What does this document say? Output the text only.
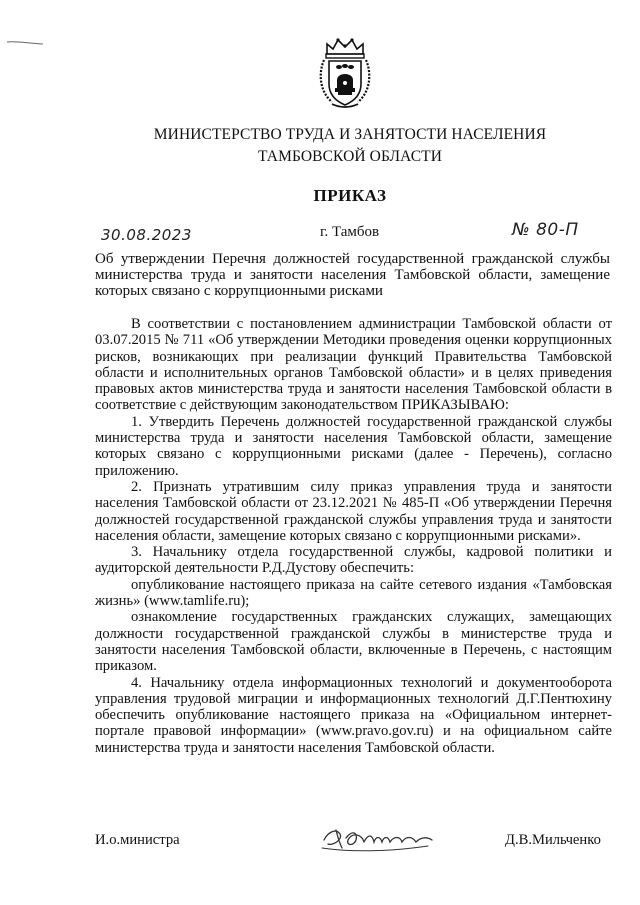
МИНИСТЕРСТВО ТРУДА И ЗАНЯТОСТИ НАСЕЛЕНИЯ
ТАМБОВСКОЙ ОБЛАСТИ
ПРИКАЗ
30.08.2023	г. Тамбов	№ 80-П
Об утверждении Перечня должностей государственной гражданской службы министерства труда и занятости населения Тамбовской области, замещение которых связано с коррупционными рисками

В соответствии с постановлением администрации Тамбовской области от 03.07.2015 № 711 «Об утверждении Методики проведения оценки коррупционных рисков, возникающих при реализации функций Правительства Тамбовской области и исполнительных органов Тамбовской области» и в целях приведения правовых актов министерства труда и занятости населения Тамбовской области в соответствие с действующим законодательством ПРИКАЗЫВАЮ:

1. Утвердить Перечень должностей государственной гражданской службы министерства труда и занятости населения Тамбовской области, замещение которых связано с коррупционными рисками (далее - Перечень), согласно приложению.

2. Признать утратившим силу приказ управления труда и занятости населения Тамбовской области от 23.12.2021 № 485-П «Об утверждении Перечня должностей государственной гражданской службы управления труда и занятости населения области, замещение которых связано с коррупционными рисками».

3. Начальнику отдела государственной службы, кадровой политики и аудиторской деятельности Р.Д.Дустову обеспечить:

опубликование настоящего приказа на сайте сетевого издания «Тамбовская жизнь» (www.tamlife.ru);

ознакомление государственных гражданских служащих, замещающих должности государственной гражданской службы в министерстве труда и занятости населения Тамбовской области, включенные в Перечень, с настоящим приказом.

4. Начальнику отдела информационных технологий и документооборота управления трудовой миграции и информационных технологий Д.Г.Пентюхину обеспечить опубликование настоящего приказа на «Официальном интернет-портале правовой информации» (www.pravo.gov.ru) и на официальном сайте министерства труда и занятости населения Тамбовской области.

И.о.министра	Д.В.Мильченко
